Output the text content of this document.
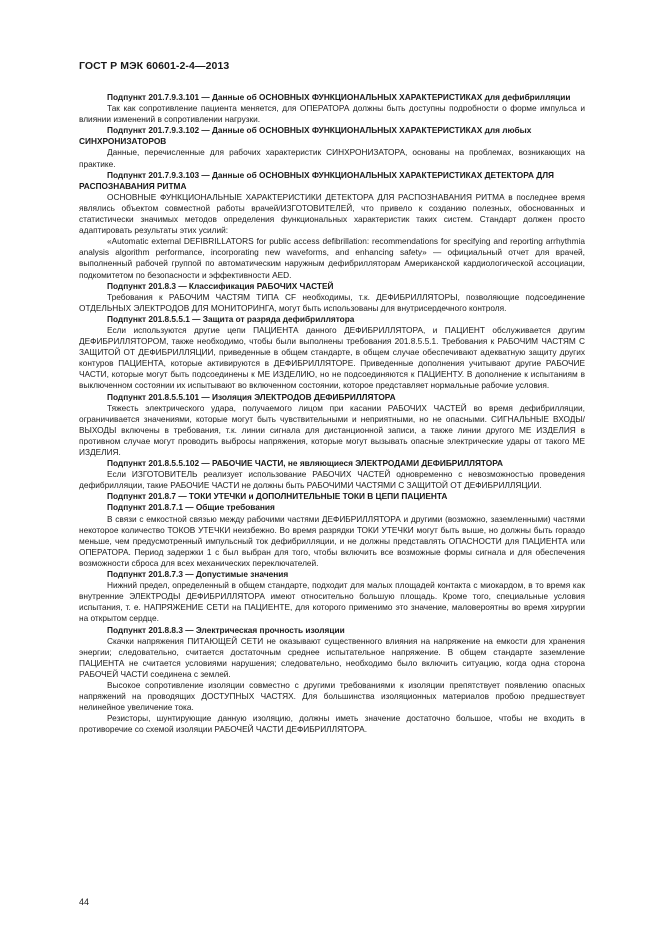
ГОСТ Р МЭК 60601-2-4—2013

Подпункт 201.7.9.3.101 — Данные об ОСНОВНЫХ ФУНКЦИОНАЛЬНЫХ ХАРАКТЕРИСТИКАХ для дефибрилляции

Так как сопротивление пациента меняется, для ОПЕРАТОРА должны быть доступны подробности о форме импульса и влиянии изменений в сопротивлении нагрузки.

Подпункт 201.7.9.3.102 — Данные об ОСНОВНЫХ ФУНКЦИОНАЛЬНЫХ ХАРАКТЕРИСТИКАХ для любых СИНХРОНИЗАТОРОВ

Данные, перечисленные для рабочих характеристик СИНХРОНИЗАТОРА, основаны на проблемах, возникающих на практике.

Подпункт 201.7.9.3.103 — Данные об ОСНОВНЫХ ФУНКЦИОНАЛЬНЫХ ХАРАКТЕРИСТИКАХ ДЕТЕКТОРА ДЛЯ РАСПОЗНАВАНИЯ РИТМА

ОСНОВНЫЕ ФУНКЦИОНАЛЬНЫЕ ХАРАКТЕРИСТИКИ ДЕТЕКТОРА ДЛЯ РАСПОЗНАВАНИЯ РИТМА в последнее время являлись объектом совместной работы врачей/ИЗГОТОВИТЕЛЕЙ, что привело к созданию полезных, обоснованных и статистически значимых методов определения функциональных характеристик таких систем. Стандарт должен просто адаптировать результаты этих усилий:

«Automatic external DEFIBRILLATORS for public access defibrillation: recommendations for specifying and reporting arrhythmia analysis algorithm performance, incorporating new waveforms, and enhancing safety» — официальный отчет для врачей, выполненный рабочей группой по автоматическим наружным дефибрилляторам Американской кардиологической ассоциации, подкомитетом по безопасности и эффективности AED.

Подпункт 201.8.3 — Классификация РАБОЧИХ ЧАСТЕЙ

Требования к РАБОЧИМ ЧАСТЯМ ТИПА CF необходимы, т.к. ДЕФИБРИЛЛЯТОРЫ, позволяющие подсоединение ОТДЕЛЬНЫХ ЭЛЕКТРОДОВ ДЛЯ МОНИТОРИНГА, могут быть использованы для внутрисердечного контроля.

Подпункт 201.8.5.5.1 — Защита от разряда дефибриллятора

Если используются другие цепи ПАЦИЕНТА данного ДЕФИБРИЛЛЯТОРА, и ПАЦИЕНТ обслуживается другим ДЕФИБРИЛЛЯТОРОМ, также необходимо, чтобы были выполнены требования 201.8.5.5.1. Требования к РАБОЧИМ ЧАСТЯМ С ЗАЩИТОЙ ОТ ДЕФИБРИЛЛЯЦИИ, приведенные в общем стандарте, в общем случае обеспечивают адекватную защиту других контуров ПАЦИЕНТА, которые активируются в ДЕФИБРИЛЛЯТОРЕ. Приведенные дополнения учитывают другие РАБОЧИЕ ЧАСТИ, которые могут быть подсоединены к МЕ ИЗДЕЛИЮ, но не подсоединяются к ПАЦИЕНТУ. В дополнение к испытаниям в выключенном состоянии их испытывают во включенном состоянии, которое представляет нормальные рабочие условия.

Подпункт 201.8.5.5.101 — Изоляция ЭЛЕКТРОДОВ ДЕФИБРИЛЛЯТОРА

Тяжесть электрического удара, получаемого лицом при касании РАБОЧИХ ЧАСТЕЙ во время дефибрилляции, ограничивается значениями, которые могут быть чувствительными и неприятными, но не опасными. СИГНАЛЬНЫЕ ВХОДЫ/ВЫХОДЫ включены в требования, т.к. линии сигнала для дистанционной записи, а также линии другого МЕ ИЗДЕЛИЯ в противном случае могут проводить выбросы напряжения, которые могут вызывать опасные электрические удары от такого МЕ ИЗДЕЛИЯ.

Подпункт 201.8.5.5.102 — РАБОЧИЕ ЧАСТИ, не являющиеся ЭЛЕКТРОДАМИ ДЕФИБРИЛЛЯТОРА

Если ИЗГОТОВИТЕЛЬ реализует использование РАБОЧИХ ЧАСТЕЙ одновременно с невозможностью проведения дефибрилляции, такие РАБОЧИЕ ЧАСТИ не должны быть РАБОЧИМИ ЧАСТЯМИ С ЗАЩИТОЙ ОТ ДЕФИБРИЛЛЯЦИИ.

Подпункт 201.8.7 — ТОКИ УТЕЧКИ и ДОПОЛНИТЕЛЬНЫЕ ТОКИ В ЦЕПИ ПАЦИЕНТА

Подпункт 201.8.7.1 — Общие требования

В связи с емкостной связью между рабочими частями ДЕФИБРИЛЛЯТОРА и другими (возможно, заземленными) частями некоторое количество ТОКОВ УТЕЧКИ неизбежно. Во время разрядки ТОКИ УТЕЧКИ могут быть выше, но должны быть гораздо меньше, чем предусмотренный импульсный ток дефибрилляции, и не должны представлять ОПАСНОСТИ для ПАЦИЕНТА или ОПЕРАТОРА. Период задержки 1 с был выбран для того, чтобы включить все возможные формы сигнала и для обеспечения возможности сброса для всех механических переключателей.

Подпункт 201.8.7.3 — Допустимые значения

Нижний предел, определенный в общем стандарте, подходит для малых площадей контакта с миокардом, в то время как внутренние ЭЛЕКТРОДЫ ДЕФИБРИЛЛЯТОРА имеют относительно большую площадь. Кроме того, специальные условия испытания, т. е. НАПРЯЖЕНИЕ СЕТИ на ПАЦИЕНТЕ, для которого применимо это значение, маловероятны во время хирургии на открытом сердце.

Подпункт 201.8.8.3 — Электрическая прочность изоляции

Скачки напряжения ПИТАЮЩЕЙ СЕТИ не оказывают существенного влияния на напряжение на емкости для хранения энергии; следовательно, считается достаточным среднее испытательное напряжение. В общем стандарте заземление ПАЦИЕНТА не считается условиями нарушения; следовательно, необходимо было включить ситуацию, когда одна сторона РАБОЧЕЙ ЧАСТИ соединена с землей.

Высокое сопротивление изоляции совместно с другими требованиями к изоляции препятствует появлению опасных напряжений на проводящих ДОСТУПНЫХ ЧАСТЯХ. Для большинства изоляционных материалов пробою предшествует нелинейное увеличение тока.

Резисторы, шунтирующие данную изоляцию, должны иметь значение достаточно большое, чтобы не входить в противоречие со схемой изоляции РАБОЧЕЙ ЧАСТИ ДЕФИБРИЛЛЯТОРА.

44
